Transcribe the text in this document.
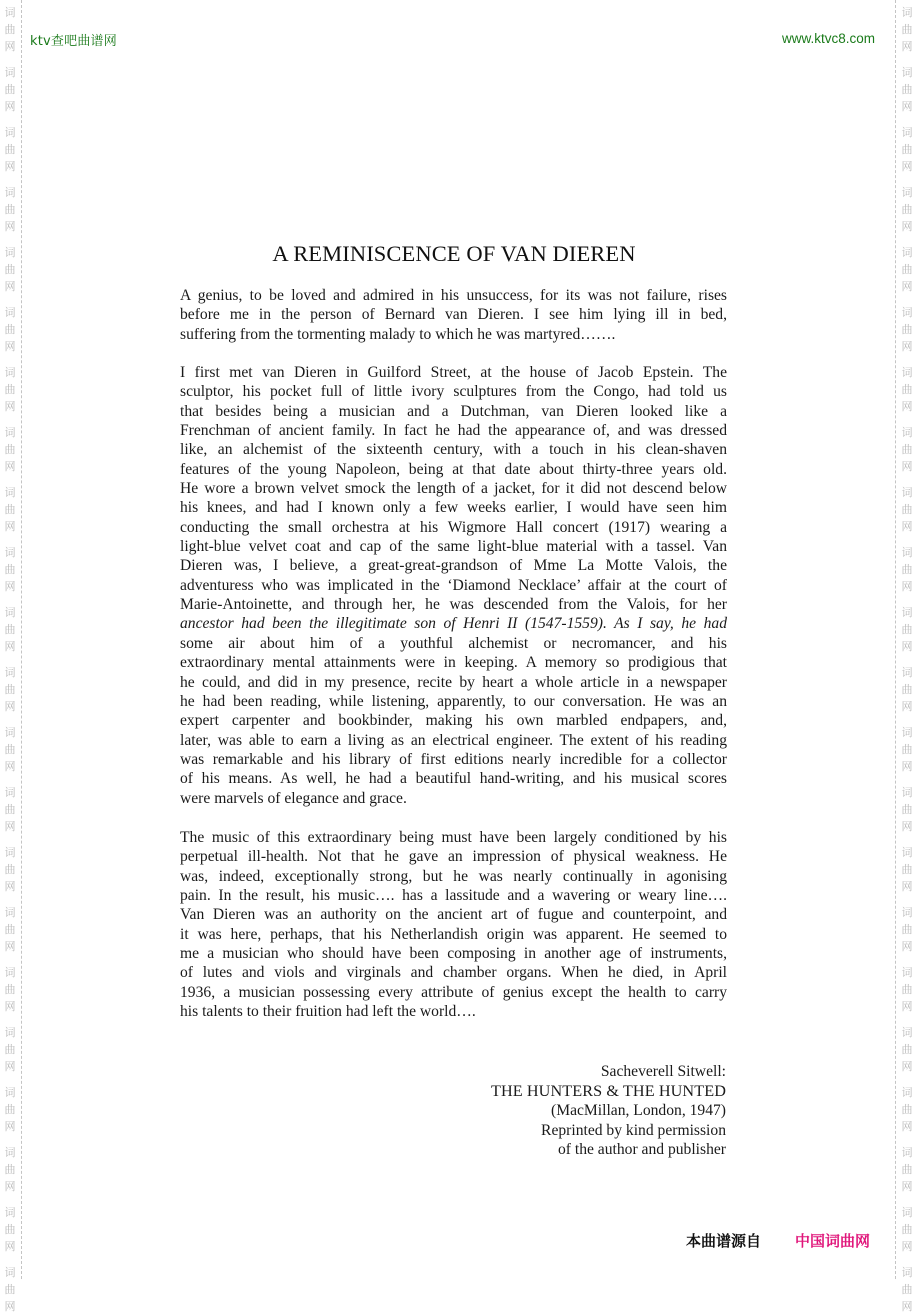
词
曲
网
词
曲
网
词
曲
网
词
曲
网
词
曲
网
词
曲
网
词
曲
网
词
曲
网
词
曲
网
词
曲
网
词
曲
网
词
曲
网
词
曲
网
词
曲
网
词
曲
网
词
曲
网
词
曲
网
词
曲
网
词
曲
网
词
曲
网
词
曲
网
词
曲
网
词
曲
网
词
曲
网
词
曲
网
词
曲
网
词
曲
网
词
曲
网
词
曲
网
词
曲
网
词
曲
网
词
曲
网
词
曲
网
词
曲
网
词
曲
网
词
曲
网
词
曲
网
词
曲
网
词
曲
网
词
曲
网
词
曲
网
词
曲
网
词
曲
网
词
曲
网
ktv查吧曲谱网	www.ktvc8.com
A REMINISCENCE OF VAN DIEREN
A genius, to be loved and admired in his unsuccess, for its was not failure, rises
before me in the person of Bernard van Dieren. I see him lying ill in bed,
suffering from the tormenting malady to which he was martyred…….
I first met van Dieren in Guilford Street, at the house of Jacob Epstein. The
sculptor, his pocket full of little ivory sculptures from the Congo, had told us
that besides being a musician and a Dutchman, van Dieren looked like a
Frenchman of ancient family. In fact he had the appearance of, and was dressed
like, an alchemist of the sixteenth century, with a touch in his clean-shaven
features of the young Napoleon, being at that date about thirty-three years old.
He wore a brown velvet smock the length of a jacket, for it did not descend below
his knees, and had I known only a few weeks earlier, I would have seen him
conducting the small orchestra at his Wigmore Hall concert (1917) wearing a
light-blue velvet coat and cap of the same light-blue material with a tassel. Van
Dieren was, I believe, a great-great-grandson of Mme La Motte Valois, the
adventuress who was implicated in the ‘Diamond Necklace’ affair at the court of
Marie-Antoinette, and through her, he was descended from the Valois, for her
ancestor had been the illegitimate son of Henri II (1547-1559). As I say, he had
some air about him of a youthful alchemist or necromancer, and his
extraordinary mental attainments were in keeping. A memory so prodigious that
he could, and did in my presence, recite by heart a whole article in a newspaper
he had been reading, while listening, apparently, to our conversation. He was an
expert carpenter and bookbinder, making his own marbled endpapers, and,
later, was able to earn a living as an electrical engineer. The extent of his reading
was remarkable and his library of first editions nearly incredible for a collector
of his means. As well, he had a beautiful hand-writing, and his musical scores
were marvels of elegance and grace.
The music of this extraordinary being must have been largely conditioned by his
perpetual ill-health. Not that he gave an impression of physical weakness. He
was, indeed, exceptionally strong, but he was nearly continually in agonising
pain. In the result, his music…. has a lassitude and a wavering or weary line….
Van Dieren was an authority on the ancient art of fugue and counterpoint, and
it was here, perhaps, that his Netherlandish origin was apparent. He seemed to
me a musician who should have been composing in another age of instruments,
of lutes and viols and virginals and chamber organs. When he died, in April
1936, a musician possessing every attribute of genius except the health to carry
his talents to their fruition had left the world….
Sacheverell Sitwell:
THE HUNTERS & THE HUNTED
(MacMillan, London, 1947)
Reprinted by kind permission
of the author and publisher
本曲谱源自 中国词曲网
